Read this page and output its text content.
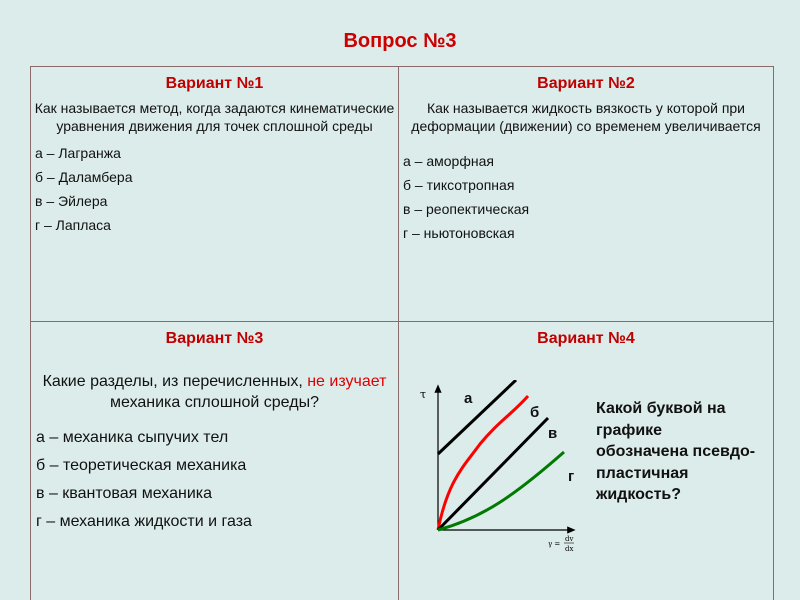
Вопрос №3
Вариант №1
Как называется метод, когда задаются кинематические уравнения движения для точек сплошной среды
а – Лагранжа
б – Даламбера
в – Эйлера
г – Лапласа
Вариант №2
Как называется жидкость вязкость у которой при деформации (движении) со временем увеличивается
а – аморфная
б – тиксотропная
в – реопектическая
г – ньютоновская
Вариант №3
Какие разделы, из перечисленных, не изучает механика сплошной среды?
а – механика сыпучих тел
б – теоретическая механика
в – квантовая механика
г – механика жидкости и газа
Вариант №4
τ
γ =
dv
dx
а
б
в
г
Какой буквой на графике обозначена псевдо-пластичная жидкость?
